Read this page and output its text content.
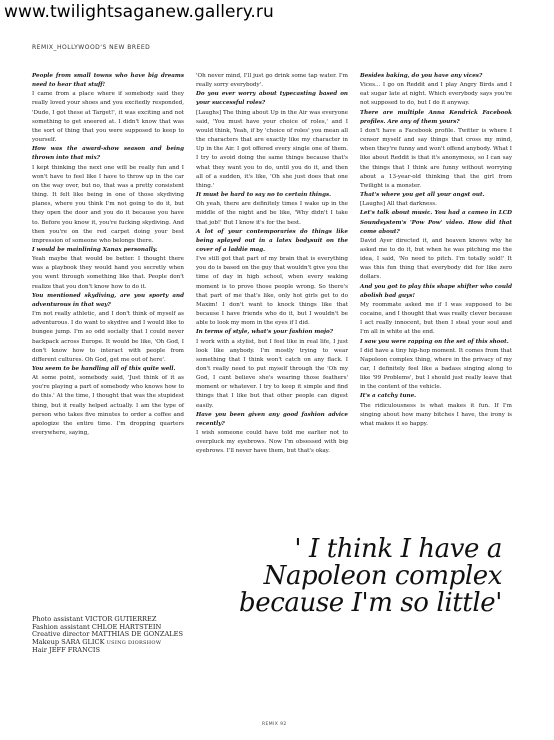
www.twilightsaganew.gallery.ru
REMIX_HOLLYWOOD'S NEW BREED

People from small towns who have big dreams need to hear that stuff!

I came from a place where if somebody said they really loved your shoes and you excitedly responded, 'Dude, I got these at Target!', it was exciting and not something to get sneered at. I didn't know that was the sort of thing that you were supposed to keep to yourself.

How was the award-show season and being thrown into that mix?

I kept thinking the next one will be really fun and I won't have to feel like I have to throw up in the car on the way over, but no, that was a pretty consistent thing. It felt like being in one of those skydiving planes, where you think I'm not going to do it, but they open the door and you do it because you have to. Before you know it, you're fucking skydiving. And then you're on the red carpet doing your best impression of someone who belongs there.

I would be mainlining Xanax personally.

Yeah maybe that would be better. I thought there was a playbook they would hand you secretly when you went through something like that. People don't realize that you don't know how to do it.

You mentioned skydiving, are you sporty and adventurous in that way?

I'm not really athletic, and I don't think of myself as adventurous. I do want to skydive and I would like to bungee jump. I'm so odd socially that I could never backpack across Europe. It would be like, 'Oh God, I don't know how to interact with people from different cultures. Oh God, get me out of here'.

You seem to be handling all of this quite well.

At some point, somebody said, 'Just think of it as you're playing a part of somebody who knows how to do this.' At the time, I thought that was the stupidest thing, but it really helped actually. I am the type of person who takes five minutes to order a coffee and apologize the entire time. I'm dropping quarters everywhere, saying,

'Oh never mind, I'll just go drink some tap water. I'm really sorry everybody'.

Do you ever worry about typecasting based on your successful roles?

[Laughs] The thing about Up in the Air was everyone said, 'You must have your choice of roles,' and I would think, Yeah, if by 'choice of roles' you mean all the characters that are exactly like my character in Up in the Air. I got offered every single one of them. I try to avoid doing the same things because that's what they want you to do, until you do it, and then all of a sudden, it's like, 'Oh she just does that one thing.'

It must be hard to say no to certain things.

Oh yeah, there are definitely times I wake up in the middle of the night and be like, 'Why didn't I take that job!' But I know it's for the best.

A lot of your contemporaries do things like being splayed out in a latex bodysuit on the cover of a laddie mag.

I've still got that part of my brain that is everything you do is based on the guy that wouldn't give you the time of day in high school, when every waking moment is to prove those people wrong. So there's that part of me that's like, only hot girls get to do Maxim! I don't want to knock things like that because I have friends who do it, but I wouldn't be able to look my mom in the eyes if I did.

In terms of style, what's your fashion mojo?

I work with a stylist, but I feel like in real life, I just look like anybody. I'm mostly trying to wear something that I think won't catch on any flack. I don't really need to put myself through the 'Oh my God, I cant believe she's wearing those feathers' moment or whatever. I try to keep it simple and find things that I like but that other people can digest easily.

Have you been given any good fashion advice recently?

I wish someone could have told me earlier not to overpluck my eyebrows. Now I'm obsessed with big eyebrows. I'll never have them, but that's okay.

Besides baking, do you have any vices?

Vices... I go on Reddit and I play Angry Birds and I eat sugar late at night. Which everybody says you're not supposed to do, but I do it anyway.

There are multiple Anna Kendrick Facebook profiles. Are any of them yours?

I don't have a Facebook profile. Twitter is where I censor myself and say things that cross my mind, when they're funny and won't offend anybody. What I like about Reddit is that it's anonymous, so I can say the things that I think are funny without worrying about a 13-year-old thinking that the girl from Twilight is a monster.

That's where you get all your angst out.

[Laughs] All that darkness.

Let's talk about music. You had a cameo in LCD Soundsystem's 'Pow Pow' video. How did that come about?

David Ayer directed it, and heaven knows why he asked me to do it, but when he was pitching me the idea, I said, 'No need to pitch. I'm totally sold!' It was this fun thing that everybody did for like zero dollars.

And you got to play this shape shifter who could abolish bad guys!

My roommate asked me if I was supposed to be cocaine, and I thought that was really clever because I act really innocent, but then I steal your soul and I'm all in white at the end.

I saw you were rapping on the set of this shoot.

I did have a tiny hip-hop moment. It comes from that Napoleon complex thing, where in the privacy of my car, I definitely feel like a badass singing along to like '99 Problems', but I should just really leave that in the content of the vehicle.

It's a catchy tune.

The ridiculousness is what makes it fun. If I'm singing about how many bitches I have, the irony is what makes it so happy.

' I think I have a
Napoleon complex
because I'm so little'
Photo assistant VICTOR GUTIERREZ
Fashion assistant CHLOE HARTSTEIN
Creative director MATTHIAS DE GONZALES
Makeup SARA GLICK USING DIORSHOW
Hair JEFF FRANCIS
REMIX 92
